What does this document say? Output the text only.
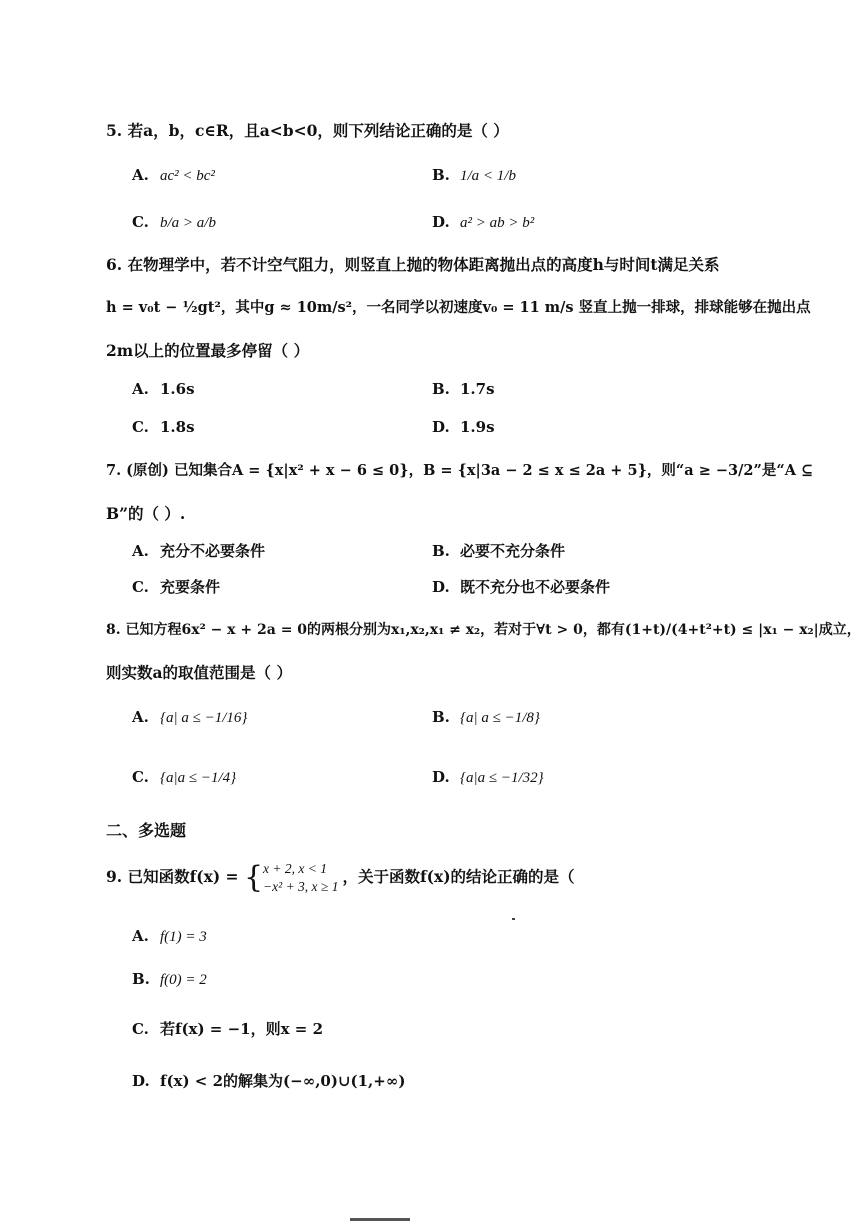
5. 若a，b，c∈R，且a<b<0，则下列结论正确的是（ ）
A. ac² < bc²	B. 1/a < 1/b
C. b/a > a/b	D. a² > ab > b²
6. 在物理学中，若不计空气阻力，则竖直上抛的物体距离抛出点的高度h与时间t满足关系
h = v₀t − ½gt²，其中g ≈ 10m/s²，一名同学以初速度v₀ = 11 m/s 竖直上抛一排球，排球能够在抛出点
2m以上的位置最多停留（ ）
A. 1.6s	B. 1.7s
C. 1.8s	D. 1.9s
7. (原创) 已知集合A = {x|x² + x − 6 ≤ 0}，B = {x|3a − 2 ≤ x ≤ 2a + 5}，则“a ≥ −3/2”是“A ⊆
B”的（ ）.
A. 充分不必要条件	B. 必要不充分条件
C. 充要条件	D. 既不充分也不必要条件
8. 已知方程6x² − x + 2a = 0的两根分别为x₁,x₂,x₁ ≠ x₂，若对于∀t > 0，都有(1+t)/(4+t²+t) ≤ |x₁ − x₂|成立，
则实数a的取值范围是（ ）
A. {a| a ≤ −1/16}	B. {a| a ≤ −1/8}
C. {a|a ≤ −1/4}	D. {a|a ≤ −1/32}
二、多选题
9. 已知函数f(x) = { x + 2, x < 1
−x² + 3, x ≥ 1
，关于函数f(x)的结论正确的是（
A. f(1) = 3
B. f(0) = 2
C. 若f(x) = −1，则x = 2
D. f(x) < 2的解集为(−∞,0)∪(1,+∞)
